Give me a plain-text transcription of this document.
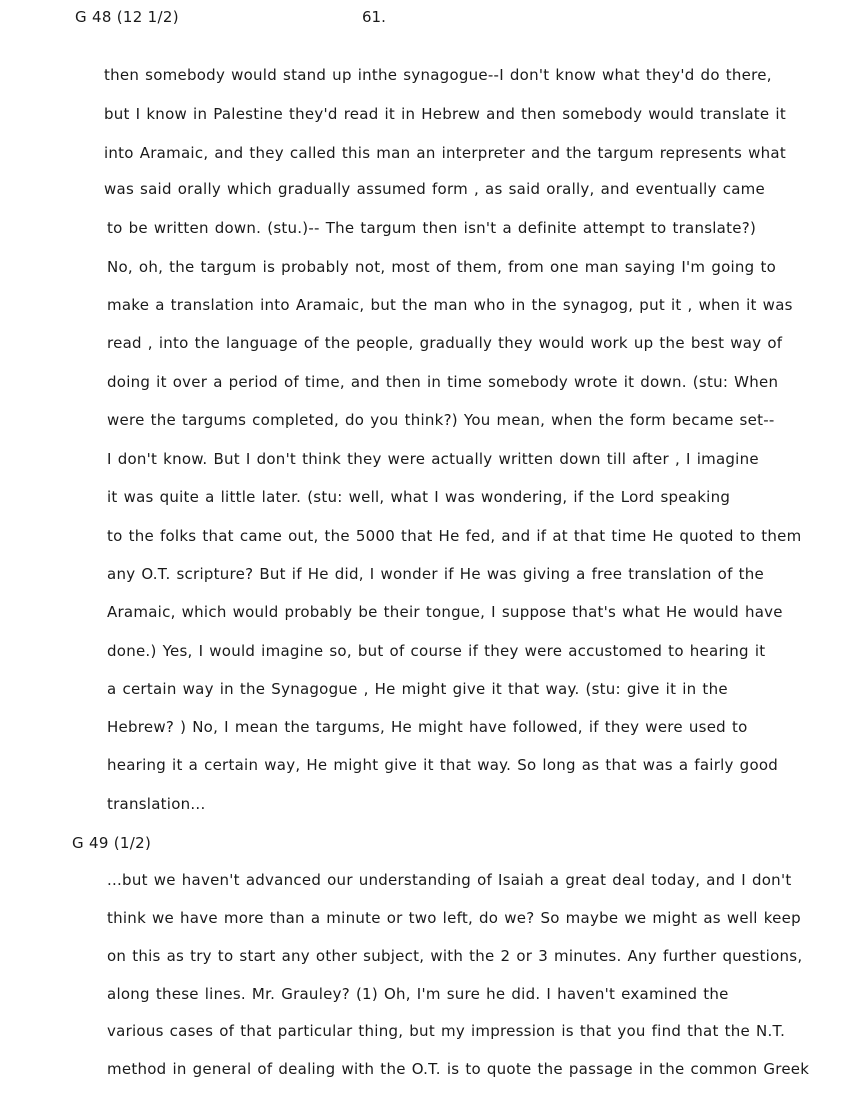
G 48 (12 1/2)	61.
then somebody would stand up inthe synagogue--I don't know what they'd do there,
but I know in Palestine they'd read it in Hebrew and then somebody would translate it
into Aramaic, and they called this man an interpreter and the targum represents what
was said orally which gradually assumed form , as said orally, and eventually came
to be written down. (stu.)-- The targum then isn't a definite attempt to translate?)
No, oh, the targum is probably not, most of them, from one man saying I'm going to
make a translation into Aramaic, but the man who in the synagog, put it , when it was
read , into the language of the people, gradually they would work up the best way of
doing it over a period of time, and then in time somebody wrote it down. (stu: When
were the targums completed, do you think?) You mean, when the form became set--
I don't know. But I don't think they were actually written down till after , I imagine
it was quite a little later. (stu: well, what I was wondering, if the Lord speaking
to the folks that came out, the 5000 that He fed, and if at that time He quoted to them
any O.T. scripture? But if He did, I wonder if He was giving a free translation of the
Aramaic, which would probably be their tongue, I suppose that's what He would have
done.) Yes, I would imagine so, but of course if they were accustomed to hearing it
a certain way in the Synagogue , He might give it that way. (stu: give it in the
Hebrew? ) No, I mean the targums, He might have followed, if they were used to
hearing it a certain way, He might give it that way. So long as that was a fairly good
translation...
G 49 (1/2)
...but we haven't advanced our understanding of Isaiah a great deal today, and I don't
think we have more than a minute or two left, do we? So maybe we might as well keep
on this as try to start any other subject, with the 2 or 3 minutes. Any further questions,
along these lines. Mr. Grauley? (1) Oh, I'm sure he did. I haven't examined the
various cases of that particular thing, but my impression is that you find that the N.T.
method in general of dealing with the O.T. is to quote the passage in the common Greek
